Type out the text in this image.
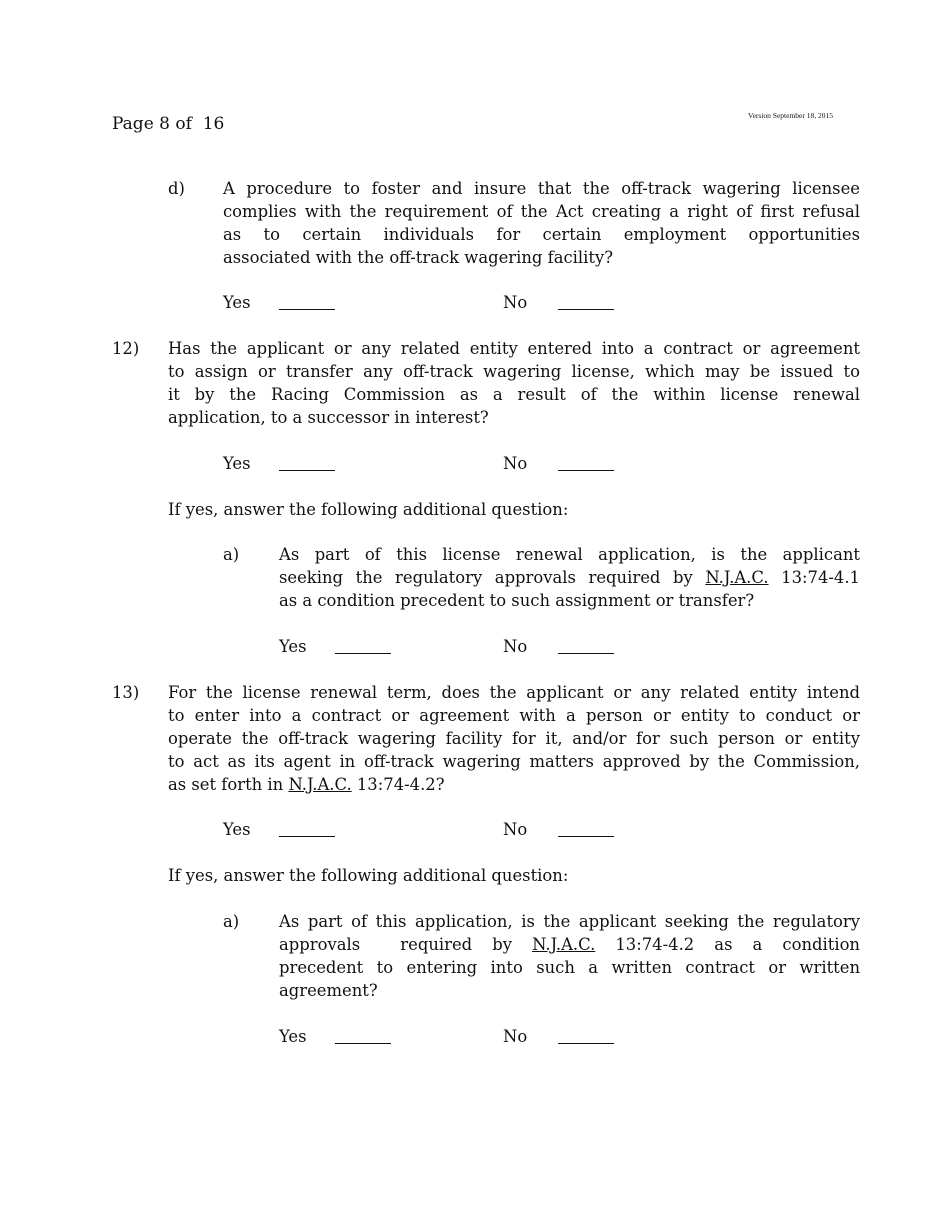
Page 8 of  16	Version September 18, 2015
d) A procedure to foster and insure that the off-track wagering licensee
complies with the requirement of the Act creating a right of first refusal
as to certain individuals for certain employment opportunities
associated with the off-track wagering facility?
Yes	No
12) Has the applicant or any related entity entered into a contract or agreement
to assign or transfer any off-track wagering license, which may be issued to
it by the Racing Commission as a result of the within license renewal
application, to a successor in interest?
Yes	No
If yes, answer the following additional question:
a) As part of this license renewal application, is the applicant
seeking the regulatory approvals required by N.J.A.C. 13:74-4.1
as a condition precedent to such assignment or transfer?
Yes	No
13) For the license renewal term, does the applicant or any related entity intend
to enter into a contract or agreement with a person or entity to conduct or
operate the off-track wagering facility for it, and/or for such person or entity
to act as its agent in off-track wagering matters approved by the Commission,
as set forth in N.J.A.C. 13:74-4.2?
Yes	No
If yes, answer the following additional question:
a) As part of this application, is the applicant seeking the regulatory
approvals  required by N.J.A.C. 13:74-4.2 as a condition
precedent to entering into such a written contract or written
agreement?
Yes	No
